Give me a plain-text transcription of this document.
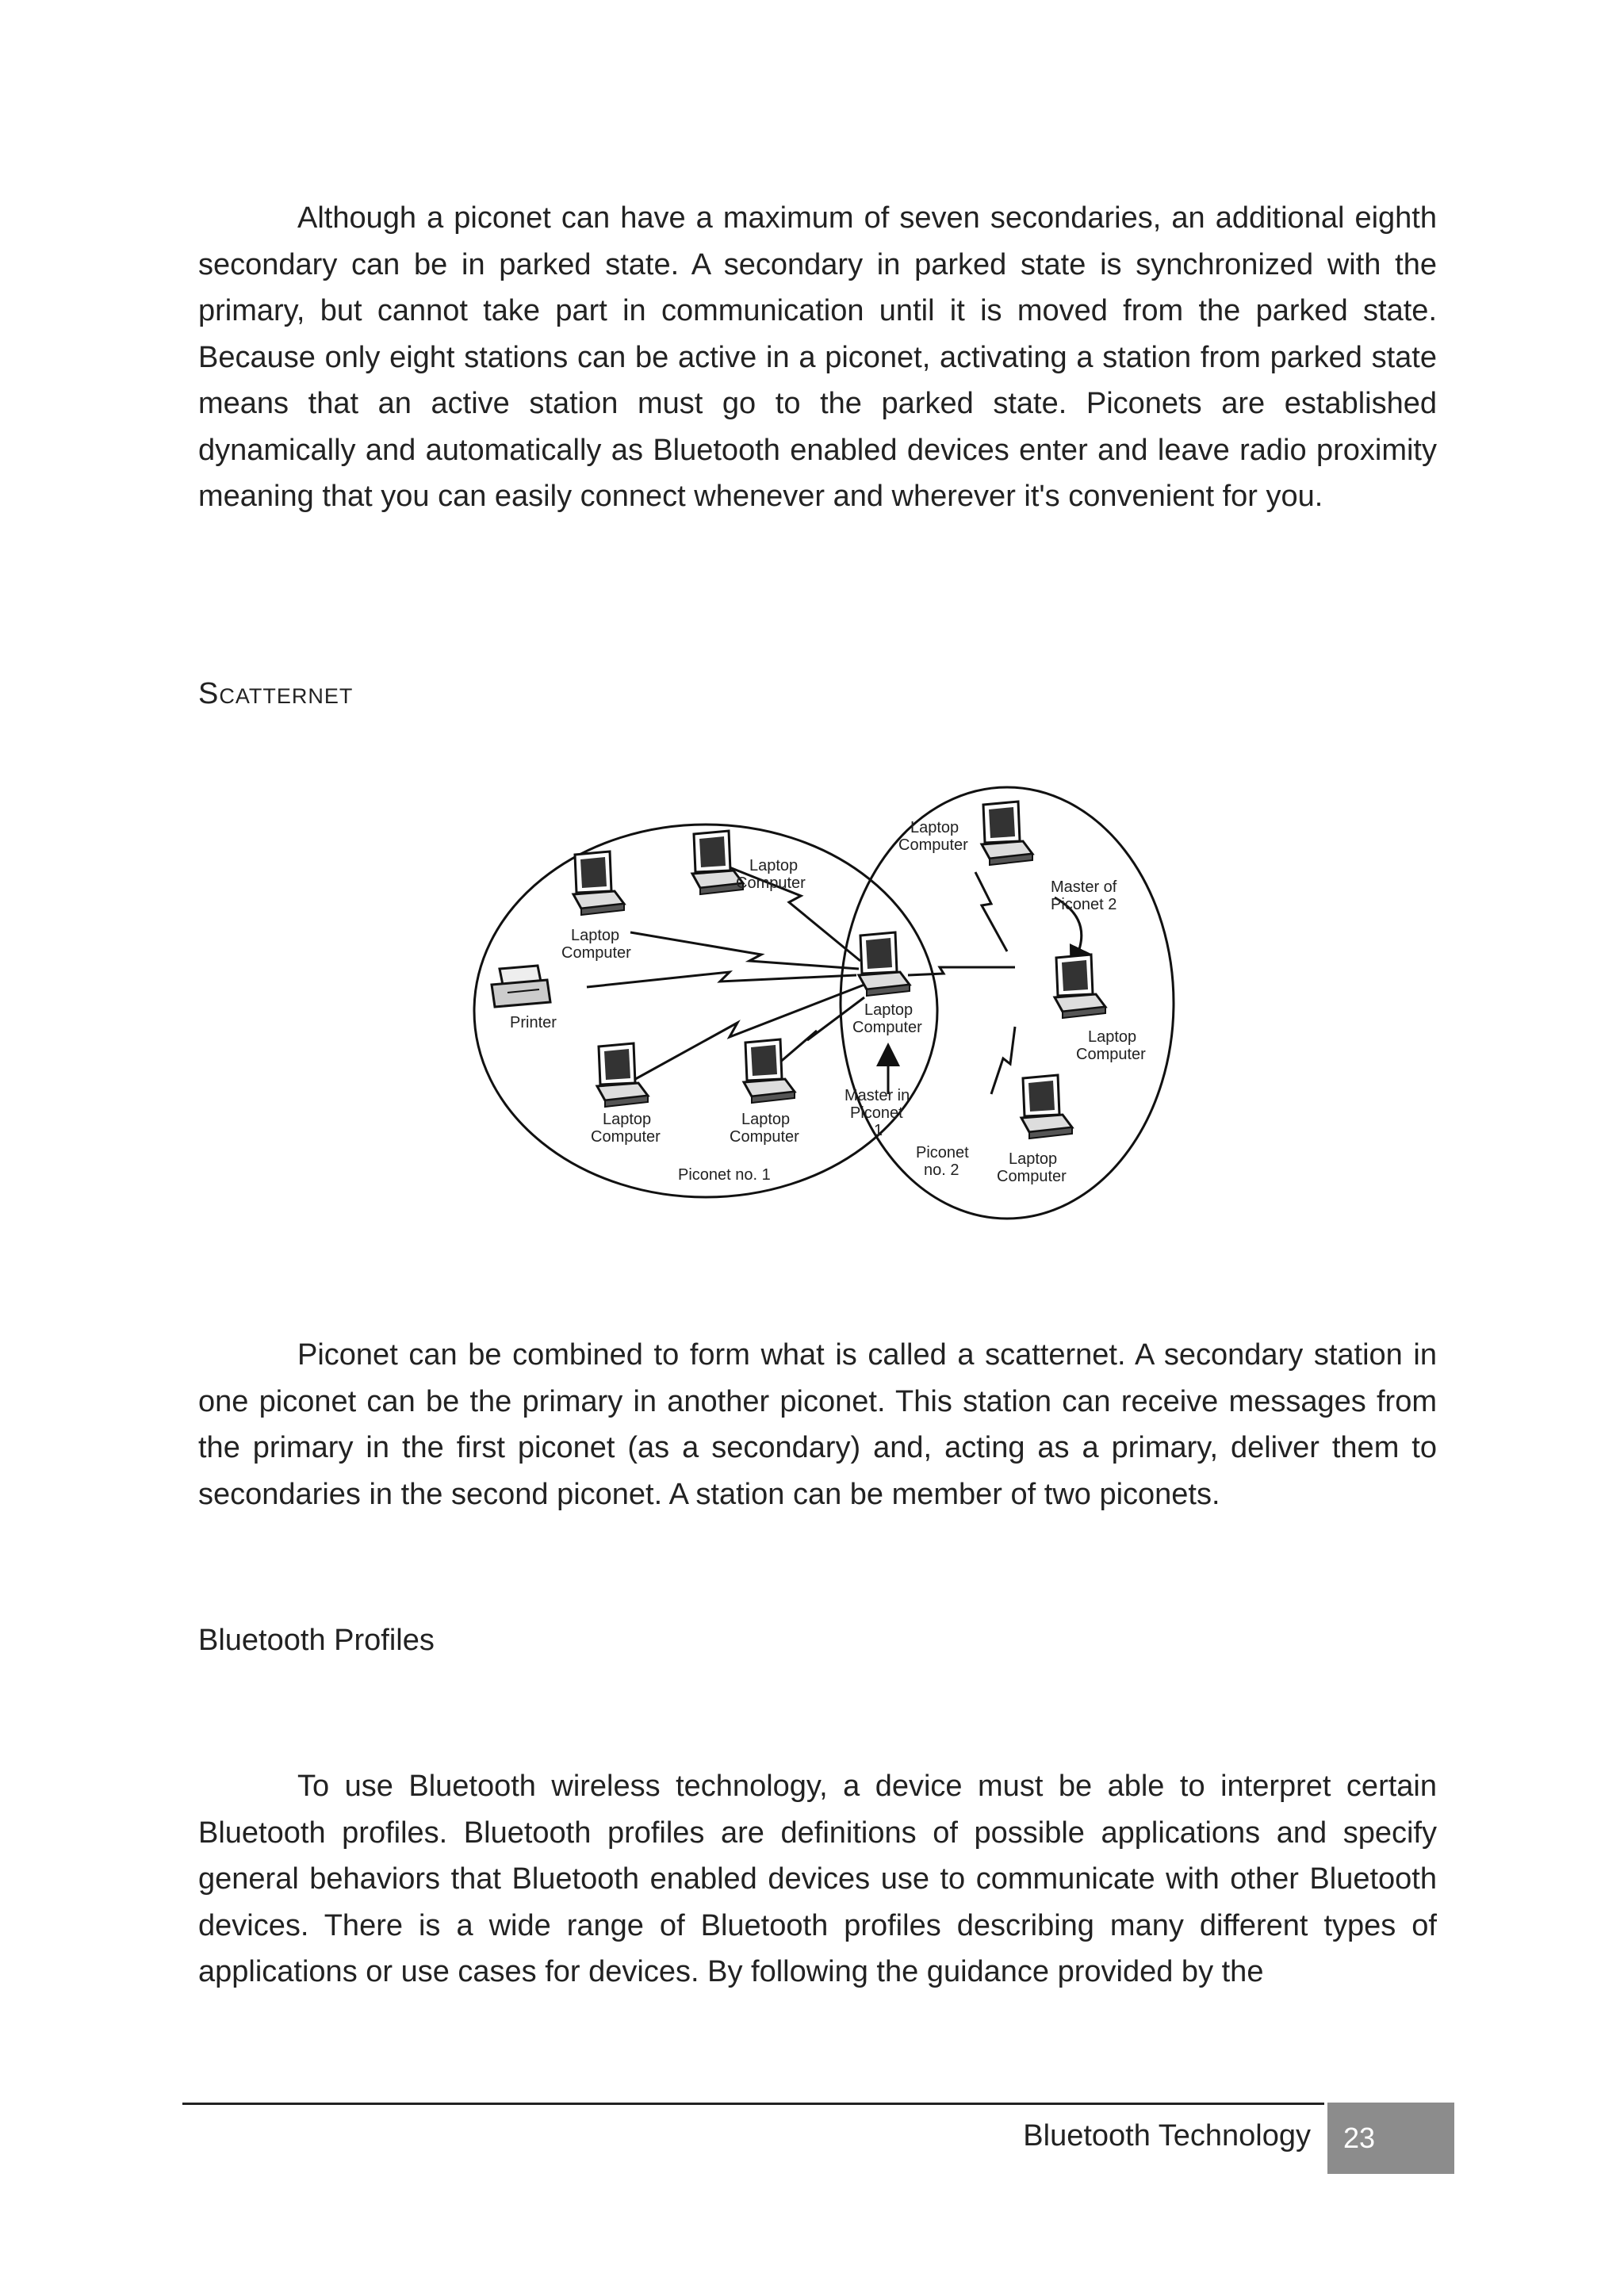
Although a piconet can have a maximum of seven secondaries, an additional eighth secondary can be in parked state. A secondary in parked state is synchronized with the primary, but cannot take part in communication until it is moved from the parked state. Because only eight stations can be active in a piconet, activating a station from parked state means that an active station must go to the parked state. Piconets are established dynamically and automatically as Bluetooth enabled devices enter and leave radio proximity meaning that you can easily connect whenever and wherever it's convenient for you.

Scatternet
Laptop
Computer
Laptop
Computer
Printer
Laptop
Computer
Laptop
Computer
Laptop
Computer
Master in
Piconet
1
Piconet no. 1
Piconet
no. 2
Laptop
Computer
Master of
Piconet 2
Laptop
Computer
Laptop
Computer

Piconet can be combined to form what is called a scatternet. A secondary station in one piconet can be the primary in another piconet. This station can receive messages from the primary in the first piconet (as a secondary) and, acting as a primary, deliver them to secondaries in the second piconet. A station can be member of two piconets.

Bluetooth Profiles

To use Bluetooth wireless technology, a device must be able to interpret certain Bluetooth profiles. Bluetooth profiles are definitions of possible applications and specify general behaviors that Bluetooth enabled devices use to communicate with other Bluetooth devices. There is a wide range of Bluetooth profiles describing many different types of applications or use cases for devices. By following the guidance provided by the

Bluetooth Technology	23
